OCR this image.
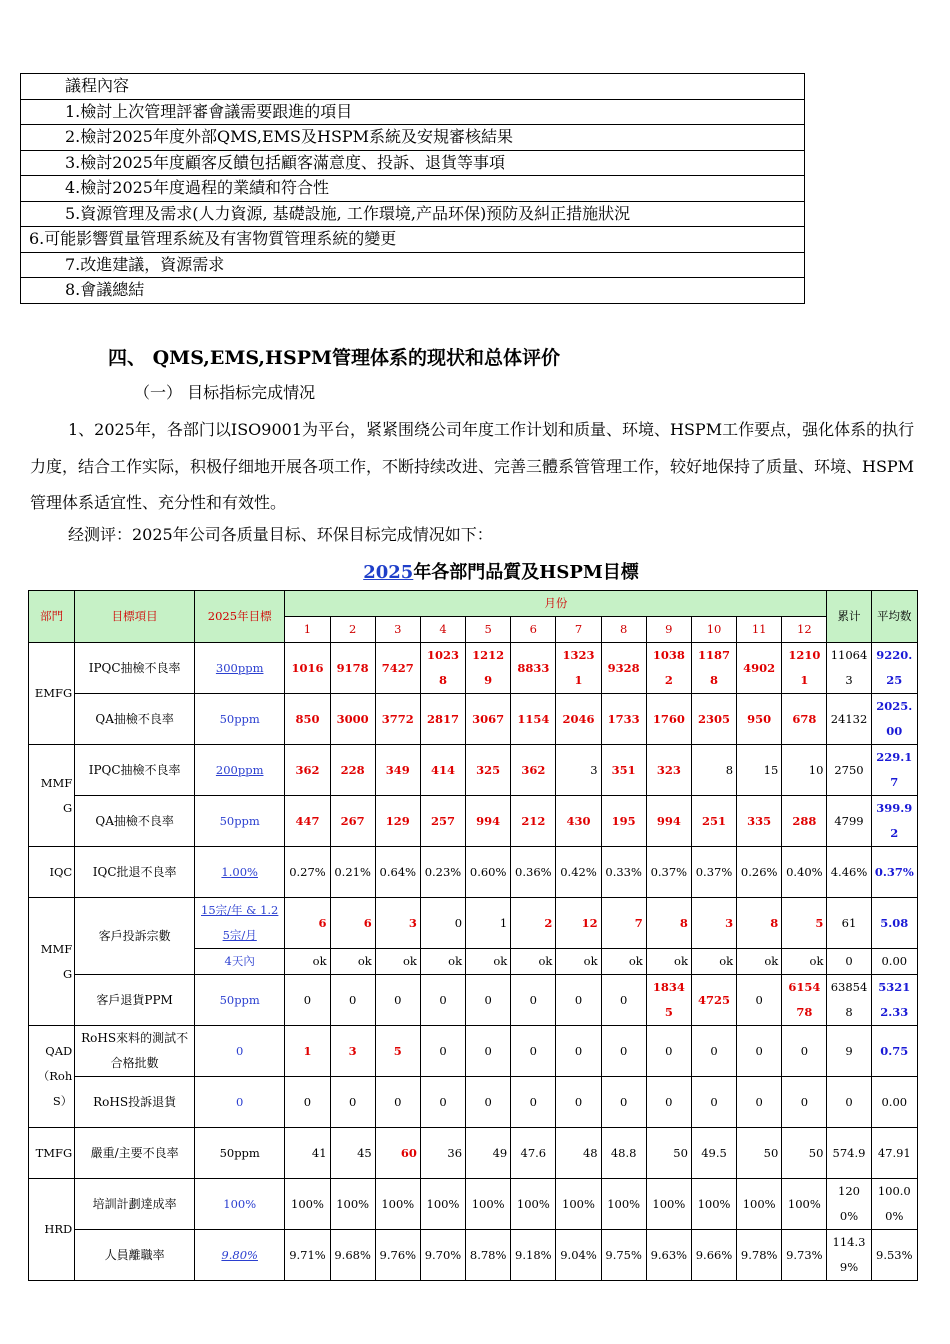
議程內容
1.檢討上次管理評審會議需要跟進的項目
2.檢討2025年度外部QMS,EMS及HSPM系統及安規審核結果
3.檢討2025年度顧客反饋包括顧客滿意度、投訴、退貨等事項
4.檢討2025年度過程的業績和符合性
5.資源管理及需求(人力資源, 基礎設施, 工作環境,产品环保)预防及糾正措施狀況
6.可能影響質量管理系統及有害物質管理系統的變更
7.改進建議，資源需求
8.會議總結
四、 QMS,EMS,HSPM管理体系的现状和总体评价
（一） 目标指标完成情况
1、2025年，各部门以ISO9001为平台，紧紧围绕公司年度工作计划和质量、环境、HSPM工作要点，强化体系的执行力度，结合工作实际，积极仔细地开展各项工作，不断持续改进、完善三體系管管理工作，较好地保持了质量、环境、HSPM管理体系适宜性、充分性和有效性。
经测评：2025年公司各质量目标、环保目标完成情况如下：
2025年各部門品質及HSPM目標
部門	目標項目	2025年目標	月份												累计	平均数
			1	2	3	4	5	6	7	8	9	10	11	12		
EMFG	IPQC抽檢不良率	300ppm	1016	9178	7427	10238	12129	8833	13231	9328	10382	11878	4902	12101	110643	9220.25
	QA抽檢不良率	50ppm	850	3000	3772	2817	3067	1154	2046	1733	1760	2305	950	678	24132	2025.00
MMFG	IPQC抽檢不良率	200ppm	362	228	349	414	325	362	3	351	323	8	15	10	2750	229.17
	QA抽檢不良率	50ppm	447	267	129	257	994	212	430	195	994	251	335	288	4799	399.92
IQC	IQC批退不良率	1.00%	0.27%	0.21%	0.64%	0.23%	0.60%	0.36%	0.42%	0.33%	0.37%	0.37%	0.26%	0.40%	4.46%	0.37%
MMFG	客戶投訴宗數	15宗/年 & 1.25宗/月	6	6	3	0	1	2	12	7	8	3	8	5	61	5.08
		4天內	ok	ok	ok	ok	ok	ok	ok	ok	ok	ok	ok	ok	0	0.00
	客戶退貨PPM	50ppm	0	0	0	0	0	0	0	0	18345	4725	0	615478	638548	53212.33
QAD（RohS）	RoHS來料的測試不合格批數	0	1	3	5	0	0	0	0	0	0	0	0	0	9	0.75
	RoHS投訴退貨	0	0	0	0	0	0	0	0	0	0	0	0	0	0	0.00
TMFG	嚴重/主要不良率	50ppm	41	45	60	36	49	47.6	48	48.8	50	49.5	50	50	574.9	47.91
HRD	培訓計劃達成率	100%	100%	100%	100%	100%	100%	100%	100%	100%	100%	100%	100%	100%	1200%	100.00%
	人員離職率	9.80%	9.71%	9.68%	9.76%	9.70%	8.78%	9.18%	9.04%	9.75%	9.63%	9.66%	9.78%	9.73%	114.39%	9.53%
